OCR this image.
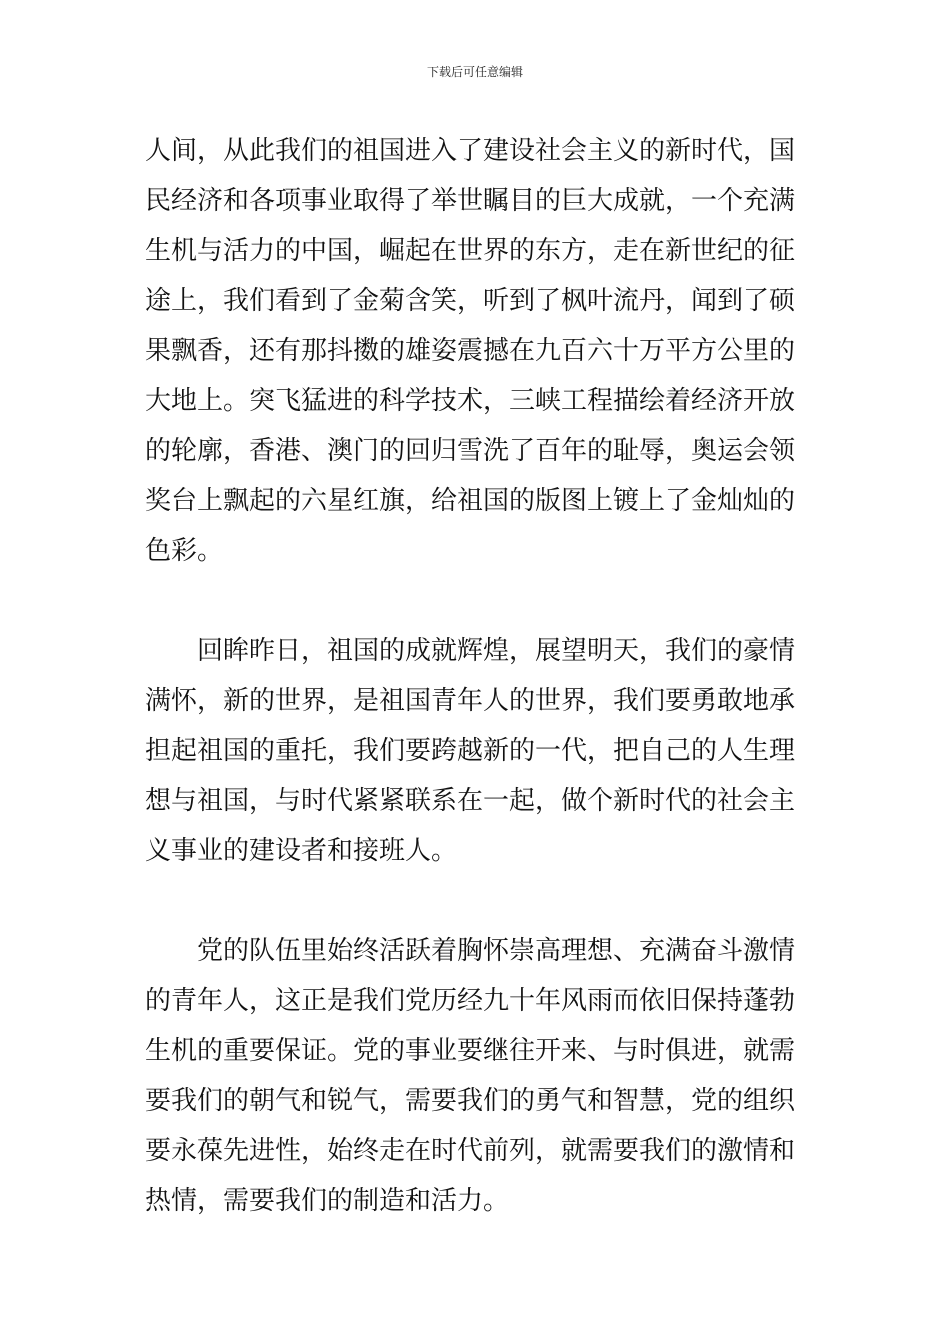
下载后可任意编辑
人间，从此我们的祖国进入了建设社会主义的新时代，国
民经济和各项事业取得了举世瞩目的巨大成就，一个充满
生机与活力的中国，崛起在世界的东方，走在新世纪的征
途上，我们看到了金菊含笑，听到了枫叶流丹，闻到了硕
果飘香，还有那抖擞的雄姿震撼在九百六十万平方公里的
大地上。突飞猛进的科学技术，三峡工程描绘着经济开放
的轮廓，香港、澳门的回归雪洗了百年的耻辱，奥运会领
奖台上飘起的六星红旗，给祖国的版图上镀上了金灿灿的
色彩。
回眸昨日，祖国的成就辉煌，展望明天，我们的豪情
满怀，新的世界，是祖国青年人的世界，我们要勇敢地承
担起祖国的重托，我们要跨越新的一代，把自己的人生理
想与祖国，与时代紧紧联系在一起，做个新时代的社会主
义事业的建设者和接班人。
党的队伍里始终活跃着胸怀崇高理想、充满奋斗激情
的青年人，这正是我们党历经九十年风雨而依旧保持蓬勃
生机的重要保证。党的事业要继往开来、与时俱进，就需
要我们的朝气和锐气，需要我们的勇气和智慧，党的组织
要永葆先进性，始终走在时代前列，就需要我们的激情和
热情，需要我们的制造和活力。
